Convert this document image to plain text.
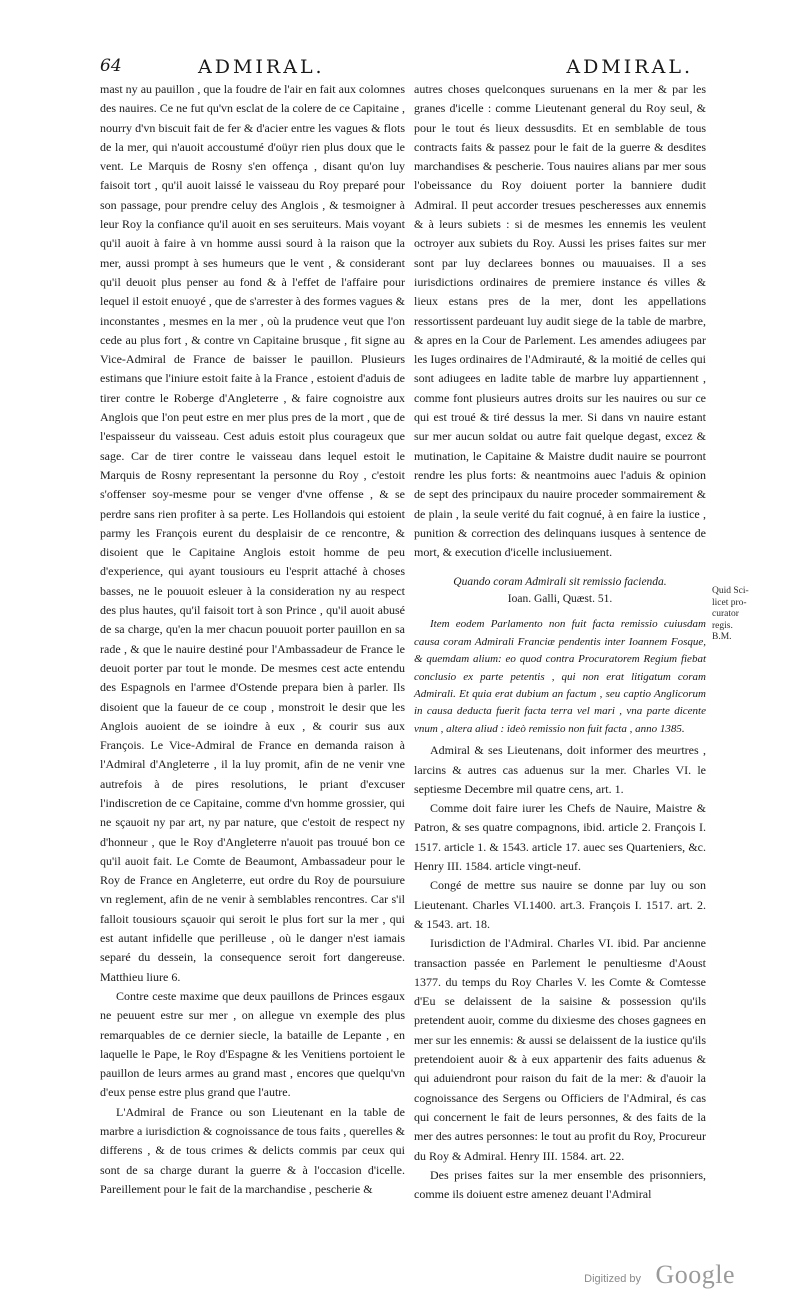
64	ADMIRAL.	ADMIRAL.

mast ny au pauillon , que la foudre de l'air en fait aux colomnes des nauires. Ce ne fut qu'vn esclat de la colere de ce Capitaine , nourry d'vn biscuit fait de fer & d'acier entre les vagues & flots de la mer, qui n'auoit accoustumé d'oüyr rien plus doux que le vent. Le Marquis de Rosny s'en offença , disant qu'on luy faisoit tort , qu'il auoit laissé le vaisseau du Roy preparé pour son passage, pour prendre celuy des Anglois , & tesmoigner à leur Roy la confiance qu'il auoit en ses seruiteurs. Mais voyant qu'il auoit à faire à vn homme aussi sourd à la raison que la mer, aussi prompt à ses humeurs que le vent , & considerant qu'il deuoit plus penser au fond & à l'effet de l'affaire pour lequel il estoit enuoyé , que de s'arrester à des formes vagues & inconstantes , mesmes en la mer , où la prudence veut que l'on cede au plus fort , & contre vn Capitaine brusque , fit signe au Vice-Admiral de France de baisser le pauillon. Plusieurs estimans que l'iniure estoit faite à la France , estoient d'aduis de tirer contre le Roberge d'Angleterre , & faire cognoistre aux Anglois que l'on peut estre en mer plus pres de la mort , que de l'espaisseur du vaisseau. Cest aduis estoit plus courageux que sage. Car de tirer contre le vaisseau dans lequel estoit le Marquis de Rosny representant la personne du Roy , c'estoit s'offenser soy-mesme pour se venger d'vne offense , & se perdre sans rien profiter à sa perte. Les Hollandois qui estoient parmy les François eurent du desplaisir de ce rencontre, & disoient que le Capitaine Anglois estoit homme de peu d'experience, qui ayant tousiours eu l'esprit attaché à choses basses, ne le pouuoit esleuer à la consideration ny au respect des plus hautes, qu'il faisoit tort à son Prince , qu'il auoit abusé de sa charge, qu'en la mer chacun pouuoit porter pauillon en sa rade , & que le nauire destiné pour l'Ambassadeur de France le deuoit porter par tout le monde. De mesmes cest acte entendu des Espagnols en l'armee d'Ostende prepara bien à parler. Ils disoient que la faueur de ce coup , monstroit le desir que les Anglois auoient de se ioindre à eux , & courir sus aux François. Le Vice-Admiral de France en demanda raison à l'Admiral d'Angleterre , il la luy promit, afin de ne venir vne autrefois à de pires resolutions, le priant d'excuser l'indiscretion de ce Capitaine, comme d'vn homme grossier, qui ne sçauoit ny par art, ny par nature, que c'estoit de respect ny d'honneur , que le Roy d'Angleterre n'auoit pas trouué bon ce qu'il auoit fait. Le Comte de Beaumont, Ambassadeur pour le Roy de France en Angleterre, eut ordre du Roy de poursuiure vn reglement, afin de ne venir à semblables rencontres. Car s'il falloit tousiours sçauoir qui seroit le plus fort sur la mer , qui est autant infidelle que perilleuse , où le danger n'est iamais separé du dessein, la consequence seroit fort dangereuse. Matthieu liure 6.

Contre ceste maxime que deux pauillons de Princes esgaux ne peuuent estre sur mer , on allegue vn exemple des plus remarquables de ce dernier siecle, la bataille de Lepante , en laquelle le Pape, le Roy d'Espagne & les Venitiens portoient le pauillon de leurs armes au grand mast , encores que quelqu'vn d'eux pense estre plus grand que l'autre.

L'Admiral de France ou son Lieutenant en la table de marbre a iurisdiction & cognoissance de tous faits , querelles & differens , & de tous crimes & delicts commis par ceux qui sont de sa charge durant la guerre & à l'occasion d'icelle. Pareillement pour le fait de la marchandise , pescherie &

autres choses quelconques suruenans en la mer & par les granes d'icelle : comme Lieutenant general du Roy seul, & pour le tout és lieux dessusdits. Et en semblable de tous contracts faits & passez pour le fait de la guerre & desdites marchandises & pescherie. Tous nauires alians par mer sous l'obeissance du Roy doiuent porter la banniere dudit Admiral. Il peut accorder tresues pescheresses aux ennemis & à leurs subiets : si de mesmes les ennemis les veulent octroyer aux subiets du Roy. Aussi les prises faites sur mer sont par luy declarees bonnes ou mauuaises. Il a ses iurisdictions ordinaires de premiere instance és villes & lieux estans pres de la mer, dont les appellations ressortissent pardeuant luy audit siege de la table de marbre, & apres en la Cour de Parlement. Les amendes adiugees par les Iuges ordinaires de l'Admirauté, & la moitié de celles qui sont adiugees en ladite table de marbre luy appartiennent , comme font plusieurs autres droits sur les nauires ou sur ce qui est troué & tiré dessus la mer. Si dans vn nauire estant sur mer aucun soldat ou autre fait quelque degast, excez & mutination, le Capitaine & Maistre dudit nauire se pourront rendre les plus forts: & neantmoins auec l'aduis & opinion de sept des principaux du nauire proceder sommairement & de plain , la seule verité du fait cognué, à en faire la iustice , punition & correction des delinquans iusques à sentence de mort, & execution d'icelle inclusiuement.

Quando coram Admirali sit remissio facienda.
Ioan. Galli, Quæst. 51.

Item eodem Parlamento non fuit facta remissio cuiusdam causa coram Admirali Franciæ pendentis inter Ioannem Fosque, & quemdam alium: eo quod contra Procuratorem Regium fiebat conclusio ex parte petentis , qui non erat litigatum coram Admirali. Et quia erat dubium an factum , seu captio Anglicorum in causa deducta fuerit facta terra vel mari , vna parte dicente vnum , altera aliud : ideò remissio non fuit facta , anno 1385.

Admiral & ses Lieutenans, doit informer des meurtres , larcins & autres cas aduenus sur la mer. Charles VI. le septiesme Decembre mil quatre cens, art. 1.

Comme doit faire iurer les Chefs de Nauire, Maistre & Patron, & ses quatre compagnons, ibid. article 2. François I. 1517. article 1. & 1543. article 17. auec ses Quarteniers, &c. Henry III. 1584. article vingt-neuf.

Congé de mettre sus nauire se donne par luy ou son Lieutenant. Charles VI.1400. art.3. François I. 1517. art. 2. & 1543. art. 18.

Iurisdiction de l'Admiral. Charles VI. ibid. Par ancienne transaction passée en Parlement le penultiesme d'Aoust 1377. du temps du Roy Charles V. les Comte & Comtesse d'Eu se delaissent de la saisine & possession qu'ils pretendent auoir, comme du dixiesme des choses gagnees en mer sur les ennemis: & aussi se delaissent de la iustice qu'ils pretendoient auoir & à eux appartenir des faits aduenus & qui aduiendront pour raison du fait de la mer: & d'auoir la cognoissance des Sergens ou Officiers de l'Admiral, és cas qui concernent le fait de leurs personnes, & des faits de la mer des autres personnes: le tout au profit du Roy, Procureur du Roy & Admiral. Henry III. 1584. art. 22.

Des prises faites sur la mer ensemble des prisonniers, comme ils doiuent estre amenez deuant l'Admiral

Quid Sci-
licet pro-
curator
regis.
B.M.
Digitized by Google
